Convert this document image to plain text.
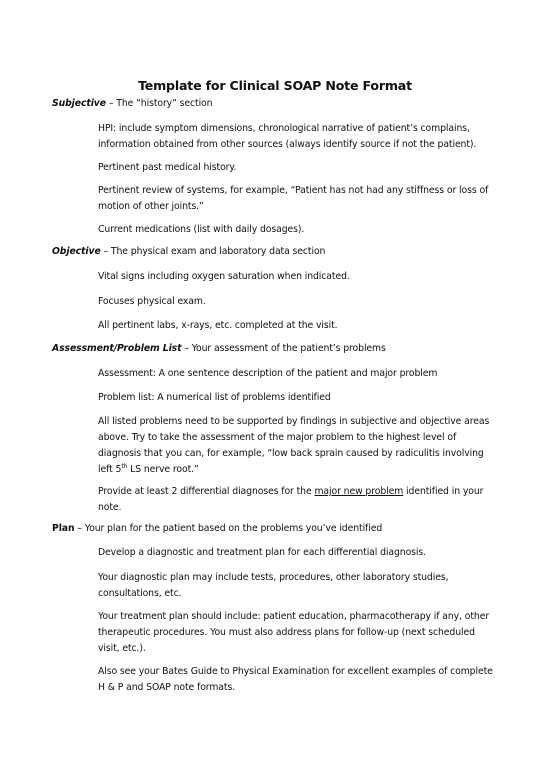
Template for Clinical SOAP Note Format
Subjective – The “history” section
HPI: include symptom dimensions, chronological narrative of patient’s complains, information obtained from other sources (always identify source if not the patient).
Pertinent past medical history.
Pertinent review of systems, for example, “Patient has not had any stiffness or loss of motion of other joints.”
Current medications (list with daily dosages).
Objective – The physical exam and laboratory data section
Vital signs including oxygen saturation when indicated.
Focuses physical exam.
All pertinent labs, x-rays, etc. completed at the visit.
Assessment/Problem List – Your assessment of the patient’s problems
Assessment: A one sentence description of the patient and major problem
Problem list: A numerical list of problems identified
All listed problems need to be supported by findings in subjective and objective areas above. Try to take the assessment of the major problem to the highest level of diagnosis that you can, for example, “low back sprain caused by radiculitis involving left 5th LS nerve root.”
Provide at least 2 differential diagnoses for the major new problem identified in your note.
Plan – Your plan for the patient based on the problems you’ve identified
Develop a diagnostic and treatment plan for each differential diagnosis.
Your diagnostic plan may include tests, procedures, other laboratory studies, consultations, etc.
Your treatment plan should include: patient education, pharmacotherapy if any, other therapeutic procedures. You must also address plans for follow-up (next scheduled visit, etc.).
Also see your Bates Guide to Physical Examination for excellent examples of complete H & P and SOAP note formats.
